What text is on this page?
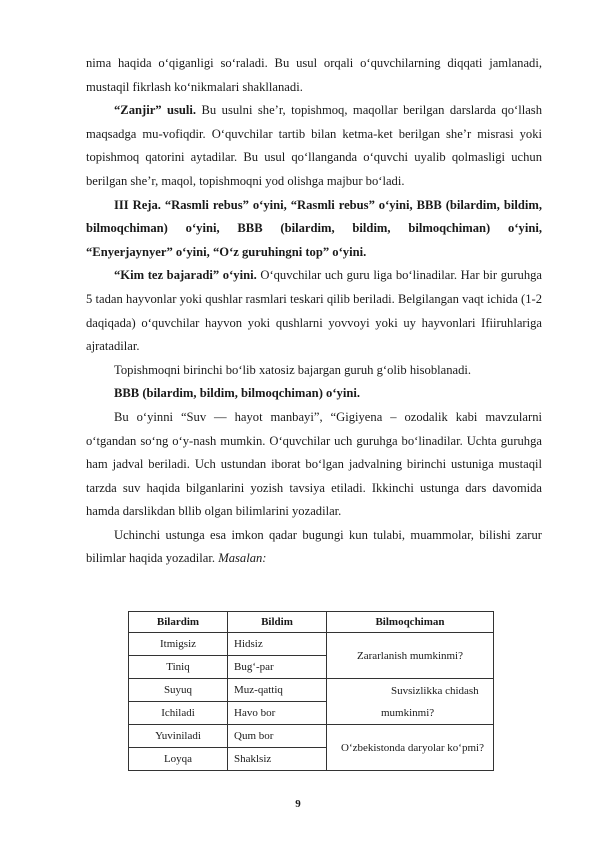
nima haqida o‘qiganligi so‘raladi. Bu usul orqali o‘quvchilarning diqqati jamlanadi, mustaqil fikrlash ko‘nikmalari shakllanadi.

“Zanjir” usuli. Bu usulni she’r, topishmoq, maqollar berilgan darslarda qo‘llash maqsadga mu-vofiqdir. O‘quvchilar tartib bilan ketma-ket berilgan she’r misrasi yoki topishmoq qatorini aytadilar. Bu usul qo‘llanganda o‘quvchi uyalib qolmasligi uchun berilgan she’r, maqol, topishmoqni yod olishga majbur bo‘ladi.

III Reja. “Rasmli rebus” o‘yini, “Rasmli rebus” o‘yini, BBB (bilardim, bildim, bilmoqchiman) o‘yini, BBB (bilardim, bildim, bilmoqchiman) o‘yini, “Enyerjaynyer” o‘yini, “O‘z guruhingni top” o‘yini.

“Kim tez bajaradi” o‘yini. O‘quvchilar uch guru liga bo‘linadilar. Har bir guruhga 5 tadan hayvonlar yoki qushlar rasmlari teskari qilib beriladi. Belgilangan vaqt ichida (1-2 daqiqada) o‘quvchilar hayvon yoki qushlarni yovvoyi yoki uy hayvonlari Ifiiruhlariga ajratadilar.

Topishmoqni birinchi bo‘lib xatosiz bajargan guruh g‘olib hisoblanadi.

BBB (bilardim, bildim, bilmoqchiman) o‘yini.

Bu o‘yinni “Suv — hayot manbayi”, “Gigiyena – ozodalik kabi mavzularni o‘tgandan so‘ng o‘y-nash mumkin. O‘quvchilar uch guruhga bo‘linadilar. Uchta guruhga ham jadval beriladi. Uch ustundan iborat bo‘lgan jadvalning birinchi ustuniga mustaqil tarzda suv haqida bilganlarini yozish tavsiya etiladi. Ikkinchi ustunga dars davomida hamda darslikdan bllib olgan bilimlarini yozadilar.

Uchinchi ustunga esa imkon qadar bugungi kun tulabi, muammolar, bilishi zarur bilimlar haqida yozadilar. Masalan:

Bilardim	Bildim	Bilmoqchiman
Itmigsiz	Hidsiz	Zararlanish mumkinmi?
Tiniq	Bug‘-par	
Suyuq	Muz-qattiq	Suvsizlikka chidash
mumkinmi?
Ichiladi	Havo bor	
Yuviniladi	Qum bor	O‘zbekistonda daryolar ko‘pmi?
Loyqa	Shaklsiz	
9
